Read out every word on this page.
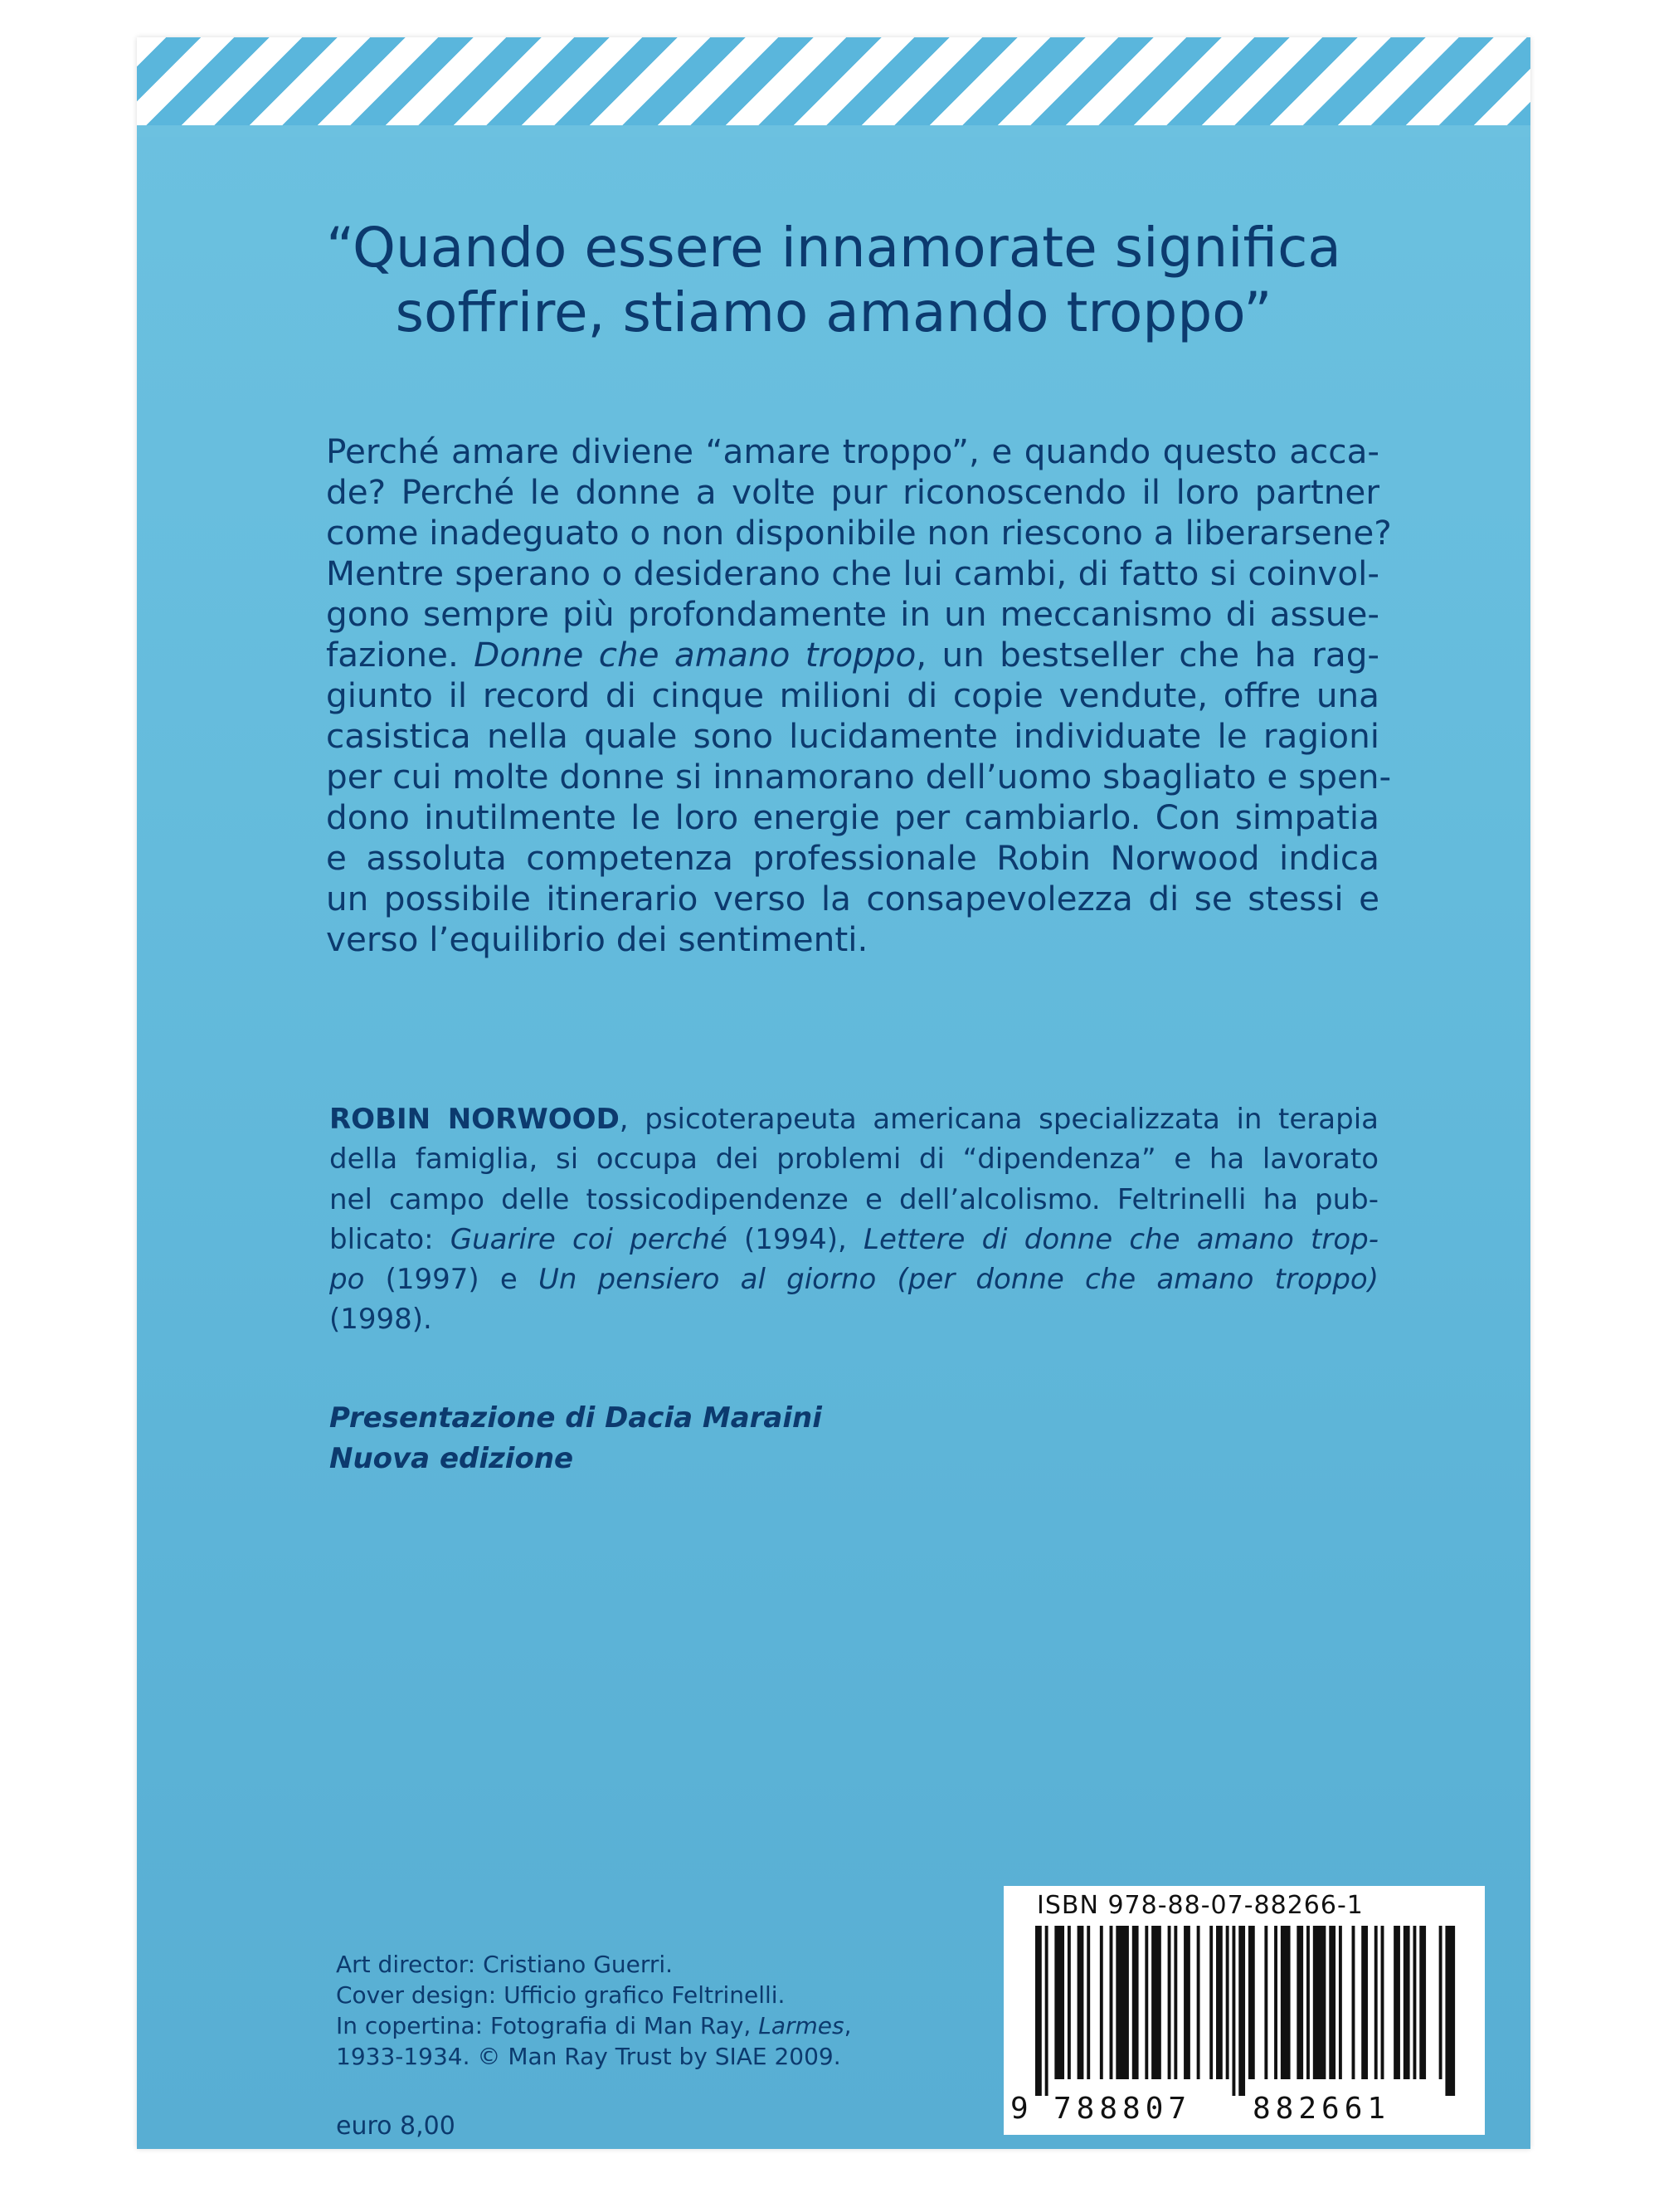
“Quando essere innamorate significa
soffrire, stiamo amando troppo”
Perché amare diviene “amare troppo”, e quando questo acca-
de? Perché le donne a volte pur riconoscendo il loro partner
come inadeguato o non disponibile non riescono a liberarsene?
Mentre sperano o desiderano che lui cambi, di fatto si coinvol-
gono sempre più profondamente in un meccanismo di assue-
fazione. Donne che amano troppo, un bestseller che ha rag-
giunto il record di cinque milioni di copie vendute, offre una
casistica nella quale sono lucidamente individuate le ragioni
per cui molte donne si innamorano dell’uomo sbagliato e spen-
dono inutilmente le loro energie per cambiarlo. Con simpatia
e assoluta competenza professionale Robin Norwood indica
un possibile itinerario verso la consapevolezza di se stessi e
verso l’equilibrio dei sentimenti.
ROBIN NORWOOD, psicoterapeuta americana specializzata in terapia
della famiglia, si occupa dei problemi di “dipendenza” e ha lavorato
nel campo delle tossicodipendenze e dell’alcolismo. Feltrinelli ha pub-
blicato: Guarire coi perché (1994), Lettere di donne che amano trop-
po (1997) e Un pensiero al giorno (per donne che amano troppo)
(1998).
Presentazione di Dacia Maraini
Nuova edizione
Art director: Cristiano Guerri.
Cover design: Ufficio grafico Feltrinelli.
In copertina: Fotografia di Man Ray, Larmes,
1933-1934. © Man Ray Trust by SIAE 2009.
euro 8,00
ISBN 978-88-07-88266-1
9 788807 882661
